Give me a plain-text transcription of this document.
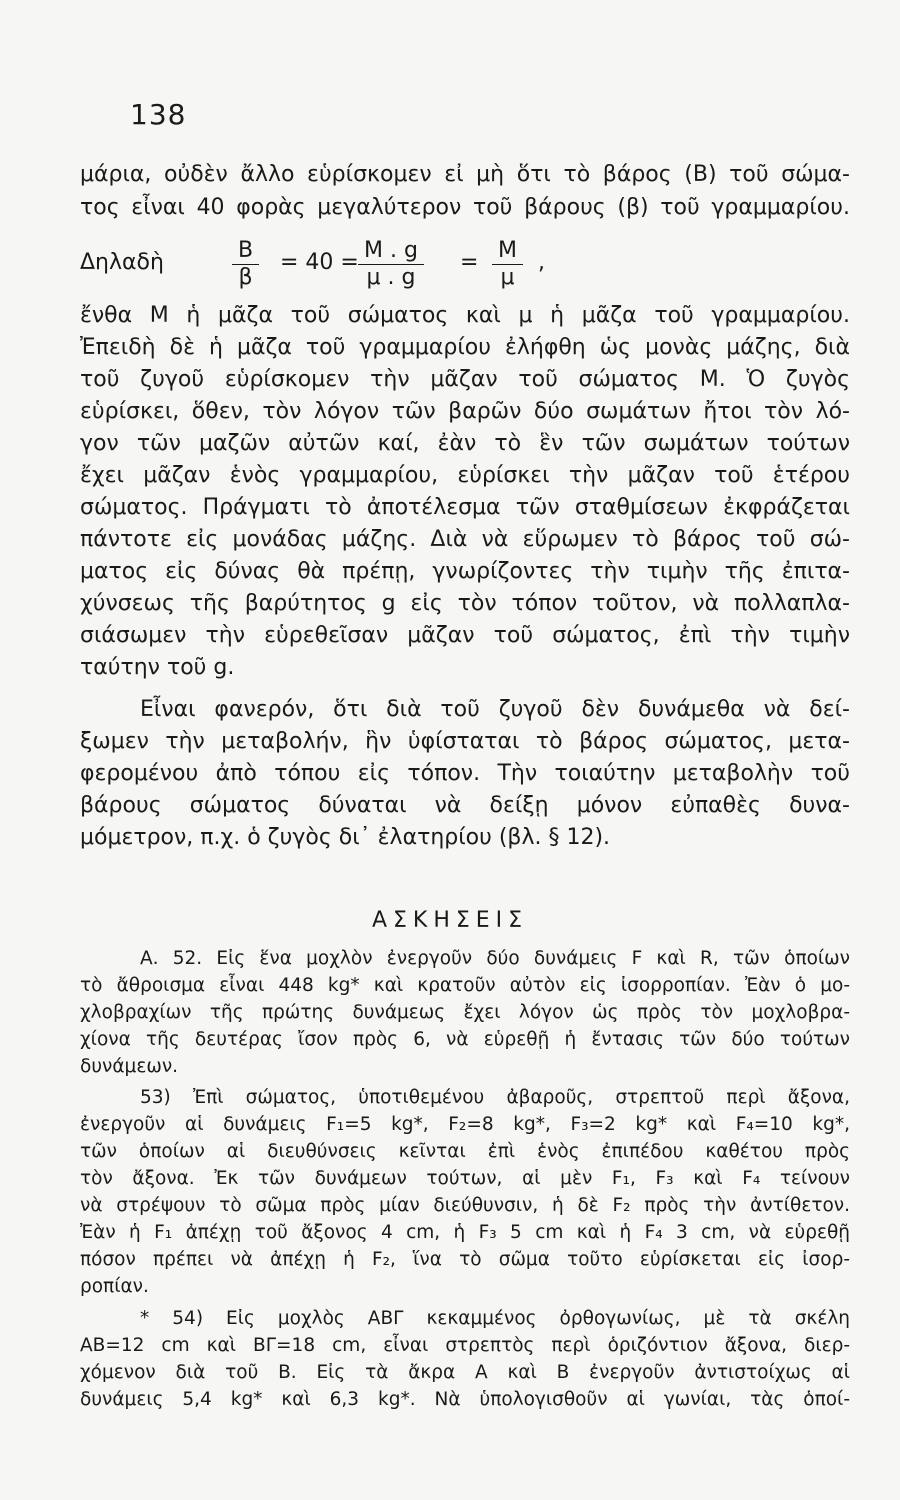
138
μάρια, οὐδὲν ἄλλο εὑρίσκομεν εἰ μὴ ὅτι τὸ βάρος (Β) τοῦ σώμα-
τος εἶναι 40 φορὰς μεγαλύτερον τοῦ βάρους (β) τοῦ γραμμαρίου.
Δηλαδὴ	$\frac{B}{\beta} = 40 = \frac{M . g}{\mu . g} = \frac{M}{\mu}$ ,
ἔνθα Μ ἡ μᾶζα τοῦ σώματος καὶ μ ἡ μᾶζα τοῦ γραμμαρίου.
Ἐπειδὴ δὲ ἡ μᾶζα τοῦ γραμμαρίου ἐλήφθη ὡς μονὰς μάζης, διὰ
τοῦ ζυγοῦ εὑρίσκομεν τὴν μᾶζαν τοῦ σώματος Μ. Ὁ ζυγὸς
εὑρίσκει, ὅθεν, τὸν λόγον τῶν βαρῶν δύο σωμάτων ἤτοι τὸν λό-
γον τῶν μαζῶν αὐτῶν καί, ἐὰν τὸ ἓν τῶν σωμάτων τούτων
ἔχει μᾶζαν ἑνὸς γραμμαρίου, εὑρίσκει τὴν μᾶζαν τοῦ ἑτέρου
σώματος. Πράγματι τὸ ἀποτέλεσμα τῶν σταθμίσεων ἐκφράζεται
πάντοτε εἰς μονάδας μάζης. Διὰ νὰ εὕρωμεν τὸ βάρος τοῦ σώ-
ματος εἰς δύνας θὰ πρέπῃ, γνωρίζοντες τὴν τιμὴν τῆς ἐπιτα-
χύνσεως τῆς βαρύτητος g εἰς τὸν τόπον τοῦτον, νὰ πολλαπλα-
σιάσωμεν τὴν εὑρεθεῖσαν μᾶζαν τοῦ σώματος, ἐπὶ τὴν τιμὴν
ταύτην τοῦ g.
Εἶναι φανερόν, ὅτι διὰ τοῦ ζυγοῦ δὲν δυνάμεθα νὰ δεί-
ξωμεν τὴν μεταβολήν, ἣν ὑφίσταται τὸ βάρος σώματος, μετα-
φερομένου ἀπὸ τόπου εἰς τόπον. Τὴν τοιαύτην μεταβολὴν τοῦ
βάρους σώματος δύναται νὰ δείξῃ μόνον εὐπαθὲς δυνα-
μόμετρον, π.χ. ὁ ζυγὸς δι᾽ ἐλατηρίου (βλ. § 12).
ΑΣΚΗΣΕΙΣ
Α. 52. Εἰς ἕνα μοχλὸν ἐνεργοῦν δύο δυνάμεις F καὶ R, τῶν ὁποίων
τὸ ἄθροισμα εἶναι 448 kg* καὶ κρατοῦν αὐτὸν εἰς ἰσορροπίαν. Ἐὰν ὁ μο-
χλοβραχίων τῆς πρώτης δυνάμεως ἔχει λόγον ὡς πρὸς τὸν μοχλοβρα-
χίονα τῆς δευτέρας ἴσον πρὸς 6, νὰ εὑρεθῇ ἡ ἔντασις τῶν δύο τούτων
δυνάμεων.
53) Ἐπὶ σώματος, ὑποτιθεμένου ἀβαροῦς, στρεπτοῦ περὶ ἄξονα,
ἐνεργοῦν αἱ δυνάμεις F₁=5 kg*, F₂=8 kg*, F₃=2 kg* καὶ F₄=10 kg*,
τῶν ὁποίων αἱ διευθύνσεις κεῖνται ἐπὶ ἑνὸς ἐπιπέδου καθέτου πρὸς
τὸν ἄξονα. Ἐκ τῶν δυνάμεων τούτων, αἱ μὲν F₁, F₃ καὶ F₄ τείνουν
νὰ στρέψουν τὸ σῶμα πρὸς μίαν διεύθυνσιν, ἡ δὲ F₂ πρὸς τὴν ἀντίθετον.
Ἐὰν ἡ F₁ ἀπέχῃ τοῦ ἄξονος 4 cm, ἡ F₃ 5 cm καὶ ἡ F₄ 3 cm, νὰ εὑρεθῇ
πόσον πρέπει νὰ ἀπέχῃ ἡ F₂, ἵνα τὸ σῶμα τοῦτο εὑρίσκεται εἰς ἰσορ-
ροπίαν.
* 54) Εἰς μοχλὸς ΑΒΓ κεκαμμένος ὀρθογωνίως, μὲ τὰ σκέλη
ΑΒ=12 cm καὶ ΒΓ=18 cm, εἶναι στρεπτὸς περὶ ὁριζόντιον ἄξονα, διερ-
χόμενον διὰ τοῦ Β. Εἰς τὰ ἄκρα Α καὶ Β ἐνεργοῦν ἀντιστοίχως αἱ
δυνάμεις 5,4 kg* καὶ 6,3 kg*. Νὰ ὑπολογισθοῦν αἱ γωνίαι, τὰς ὁποί-
